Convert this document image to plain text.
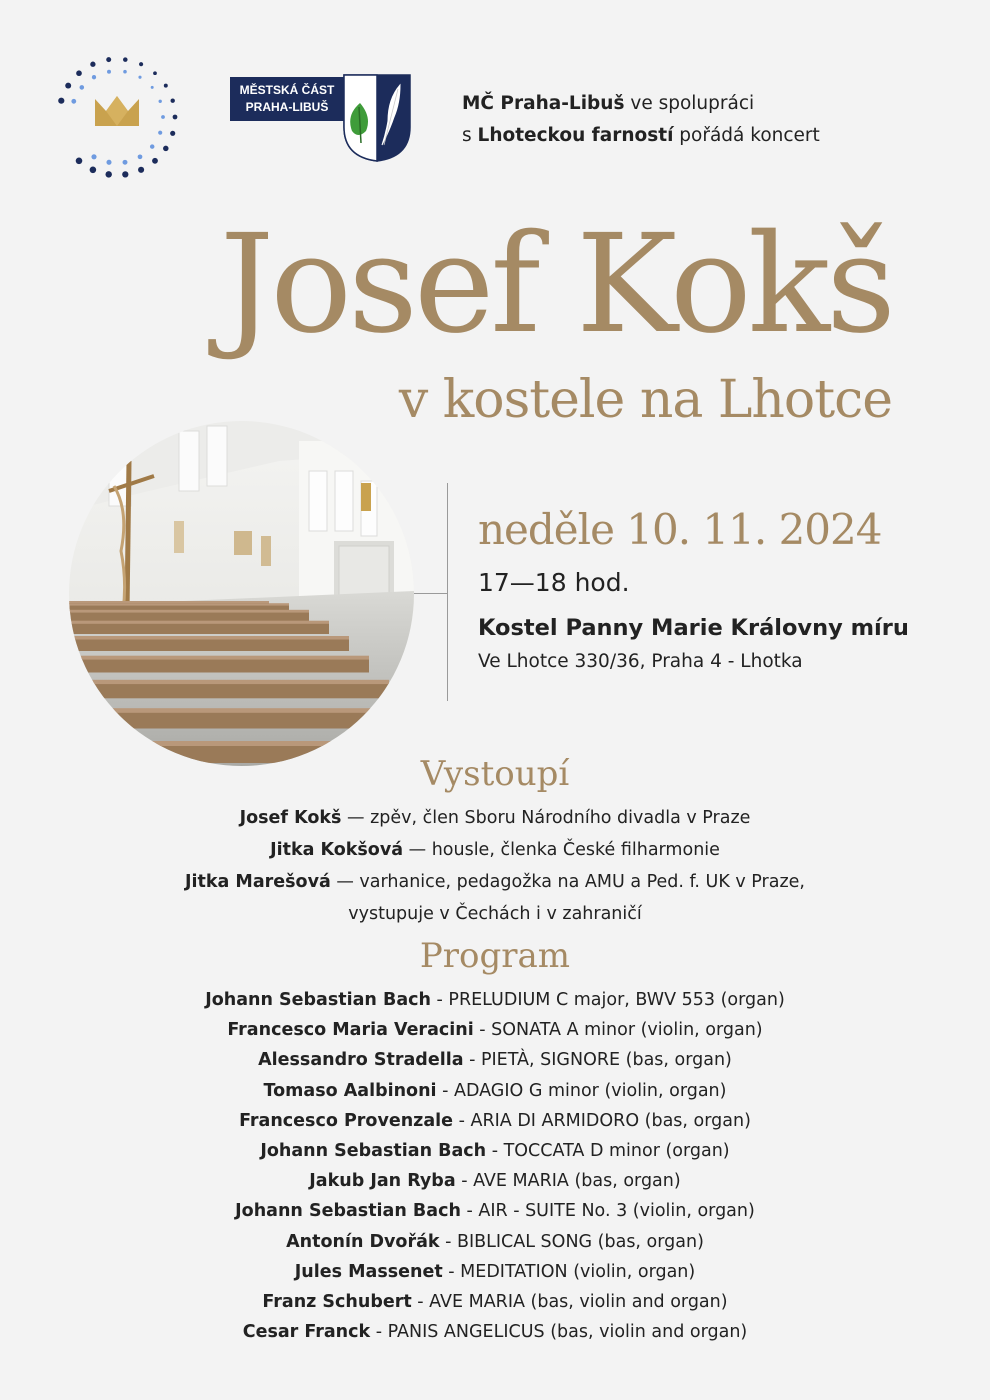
MĚSTSKÁ ČÁST
PRAHA-LIBUŠ	MČ Praha-Libuš ve spolupráci
s Lhoteckou farností pořádá koncert
Josef Kokš
v kostele na Lhotce
neděle 10. 11. 2024
17—18 hod.
Kostel Panny Marie Královny míru
Ve Lhotce 330/36, Praha 4 - Lhotka
Vystoupí
Josef Kokš — zpěv, člen Sboru Národního divadla v Praze
Jitka Kokšová — housle, členka České filharmonie
Jitka Marešová — varhanice, pedagožka na AMU a Ped. f. UK v Praze,
vystupuje v Čechách i v zahraničí
Program
Johann Sebastian Bach - PRELUDIUM C major, BWV 553 (organ)
Francesco Maria Veracini - SONATA A minor (violin, organ)
Alessandro Stradella - PIETÀ, SIGNORE (bas, organ)
Tomaso Aalbinoni - ADAGIO G minor (violin, organ)
Francesco Provenzale - ARIA DI ARMIDORO (bas, organ)
Johann Sebastian Bach - TOCCATA D minor (organ)
Jakub Jan Ryba - AVE MARIA (bas, organ)
Johann Sebastian Bach - AIR - SUITE No. 3 (violin, organ)
Antonín Dvořák - BIBLICAL SONG (bas, organ)
Jules Massenet - MEDITATION (violin, organ)
Franz Schubert - AVE MARIA (bas, violin and organ)
Cesar Franck - PANIS ANGELICUS (bas, violin and organ)
